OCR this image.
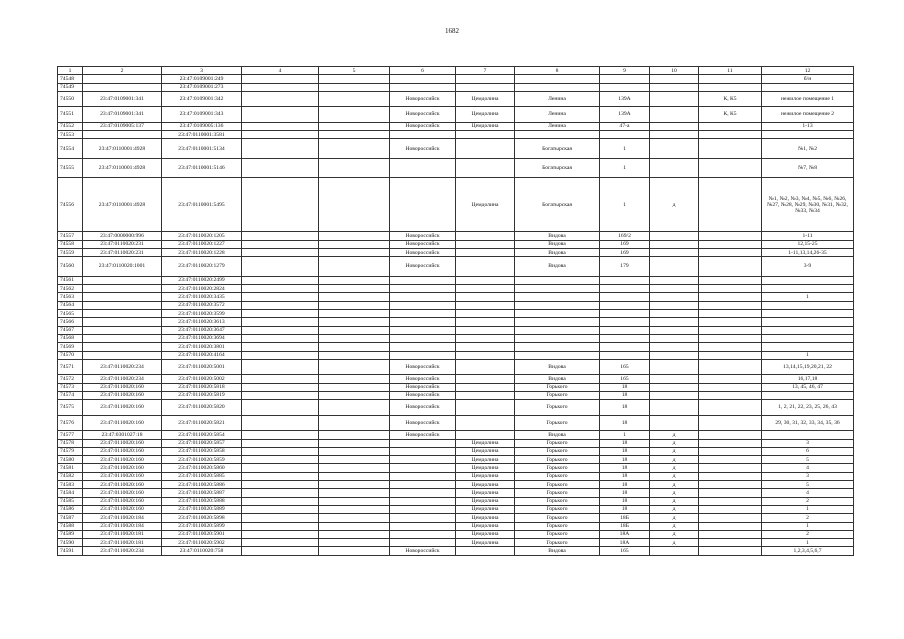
1682
1	2	3	4	5	6	7	8	9	10	11	12
74548		23:47:0109001:249									б/н
74549		23:47:0109001:273									
74550	23:47:0109001:341	23:47:0109001:342			Новороссийск	Цемдолина	Ленина	139А		К, К5	нежилое помещение 1
74551	23:47:0109001:341	23:47:0109001:343			Новороссийск	Цемдолина	Ленина	139А		К, К5	нежилое помещение 2
74552	23:47:0109005:137	23:47:0109005:136			Новороссийск	Цемдолина	Ленина	47-а			1-13
74553		23:47:0110001:3581									
74554	23:47:0110001:4928	23:47:0110001:5134			Новороссийск		Богатырская	1			№1, №2
74555	23:47:0110001:4928	23:47:0110001:5146					Богатырская	1			№7, №8
74556	23:47:0110001:4928	23:47:0110001:5495				Цемдолина	Богатырская	1	д		№1, №2, №3, №4, №5, №6, №26, №27, №28, №29, №30, №31, №32, №33, №34
74557	23:47:0000000:996	23:47:0110020:1205			Новороссийск		Видова	169/2			1-11
74558	23:47:0110020:231	23:47:0110020:1227			Новороссийск		Видова	169			12,15-25
74559	23:47:0110020:231	23:47:0110020:1228			Новороссийск		Видова	169			1-11,13,14,26-35
74560	23:47:0110020:1001	23:47:0110020:1279			Новороссийск		Видова	179			3-9
74561		23:47:0110020:2499									
74562		23:47:0110020:2824									
74563		23:47:0110020:3435									1
74564		23:47:0110020:3572									
74565		23:47:0110020:3599									
74566		23:47:0110020:3613									
74567		23:47:0110020:3647									
74568		23:47:0110020:3694									
74569		23:47:0110020:3801									
74570		23:47:0110020:4164									1
74571	23:47:0110020:234	23:47:0110020:5001			Новороссийск		Видова	165			13,14,15,19,20,21, 22
74572	23:47:0110020:234	23:47:0110020:5002			Новороссийск		Видова	165			16,17,18
74573	23:47:0110020:160	23:47:0110020:5818			Новороссийск		Горького	18			13, 45, 46, 47
74574	23:47:0110020:160	23:47:0110020:5819			Новороссийск		Горького	18			
74575	23:47:0110020:160	23:47:0110020:5820			Новороссийск		Горького	18			1, 2, 21, 22, 23, 25, 26, 43
74576	23:47:0110020:160	23:47:0110020:5821			Новороссийск		Горького	18			29, 30, 31, 32, 33, 34, 35, 36
74577	23:47:0301027:18	23:47:0110020:5854			Новороссийск		Видова	1	д		
74578	23:47:0110020:160	23:47:0110020:5857				Цемдолина	Горького	18	д		3
74579	23:47:0110020:160	23:47:0110020:5858				Цемдолина	Горького	18	д		6
74580	23:47:0110020:160	23:47:0110020:5859				Цемдолина	Горького	18	д		5
74581	23:47:0110020:160	23:47:0110020:5860				Цемдолина	Горького	18	д		4
74582	23:47:0110020:160	23:47:0110020:5885				Цемдолина	Горького	18	д		3
74583	23:47:0110020:160	23:47:0110020:5886				Цемдолина	Горького	18	д		5
74584	23:47:0110020:160	23:47:0110020:5887				Цемдолина	Горького	18	д		4
74585	23:47:0110020:160	23:47:0110020:5888				Цемдолина	Горького	18	д		2
74586	23:47:0110020:160	23:47:0110020:5889				Цемдолина	Горького	18	д		1
74587	23:47:0110020:184	23:47:0110020:5898				Цемдолина	Горького	18Б	д		2
74588	23:47:0110020:184	23:47:0110020:5899				Цемдолина	Горького	18Б	д		1
74589	23:47:0110020:181	23:47:0110020:5901				Цемдолина	Горького	18А	д		2
74590	23:47:0110020:181	23:47:0110020:5902				Цемдолина	Горького	18А	д		1
74591	23:47:0110020:234	23:47:0110020:758			Новороссийск		Видова	165			1,2,3,4,5,6,7
